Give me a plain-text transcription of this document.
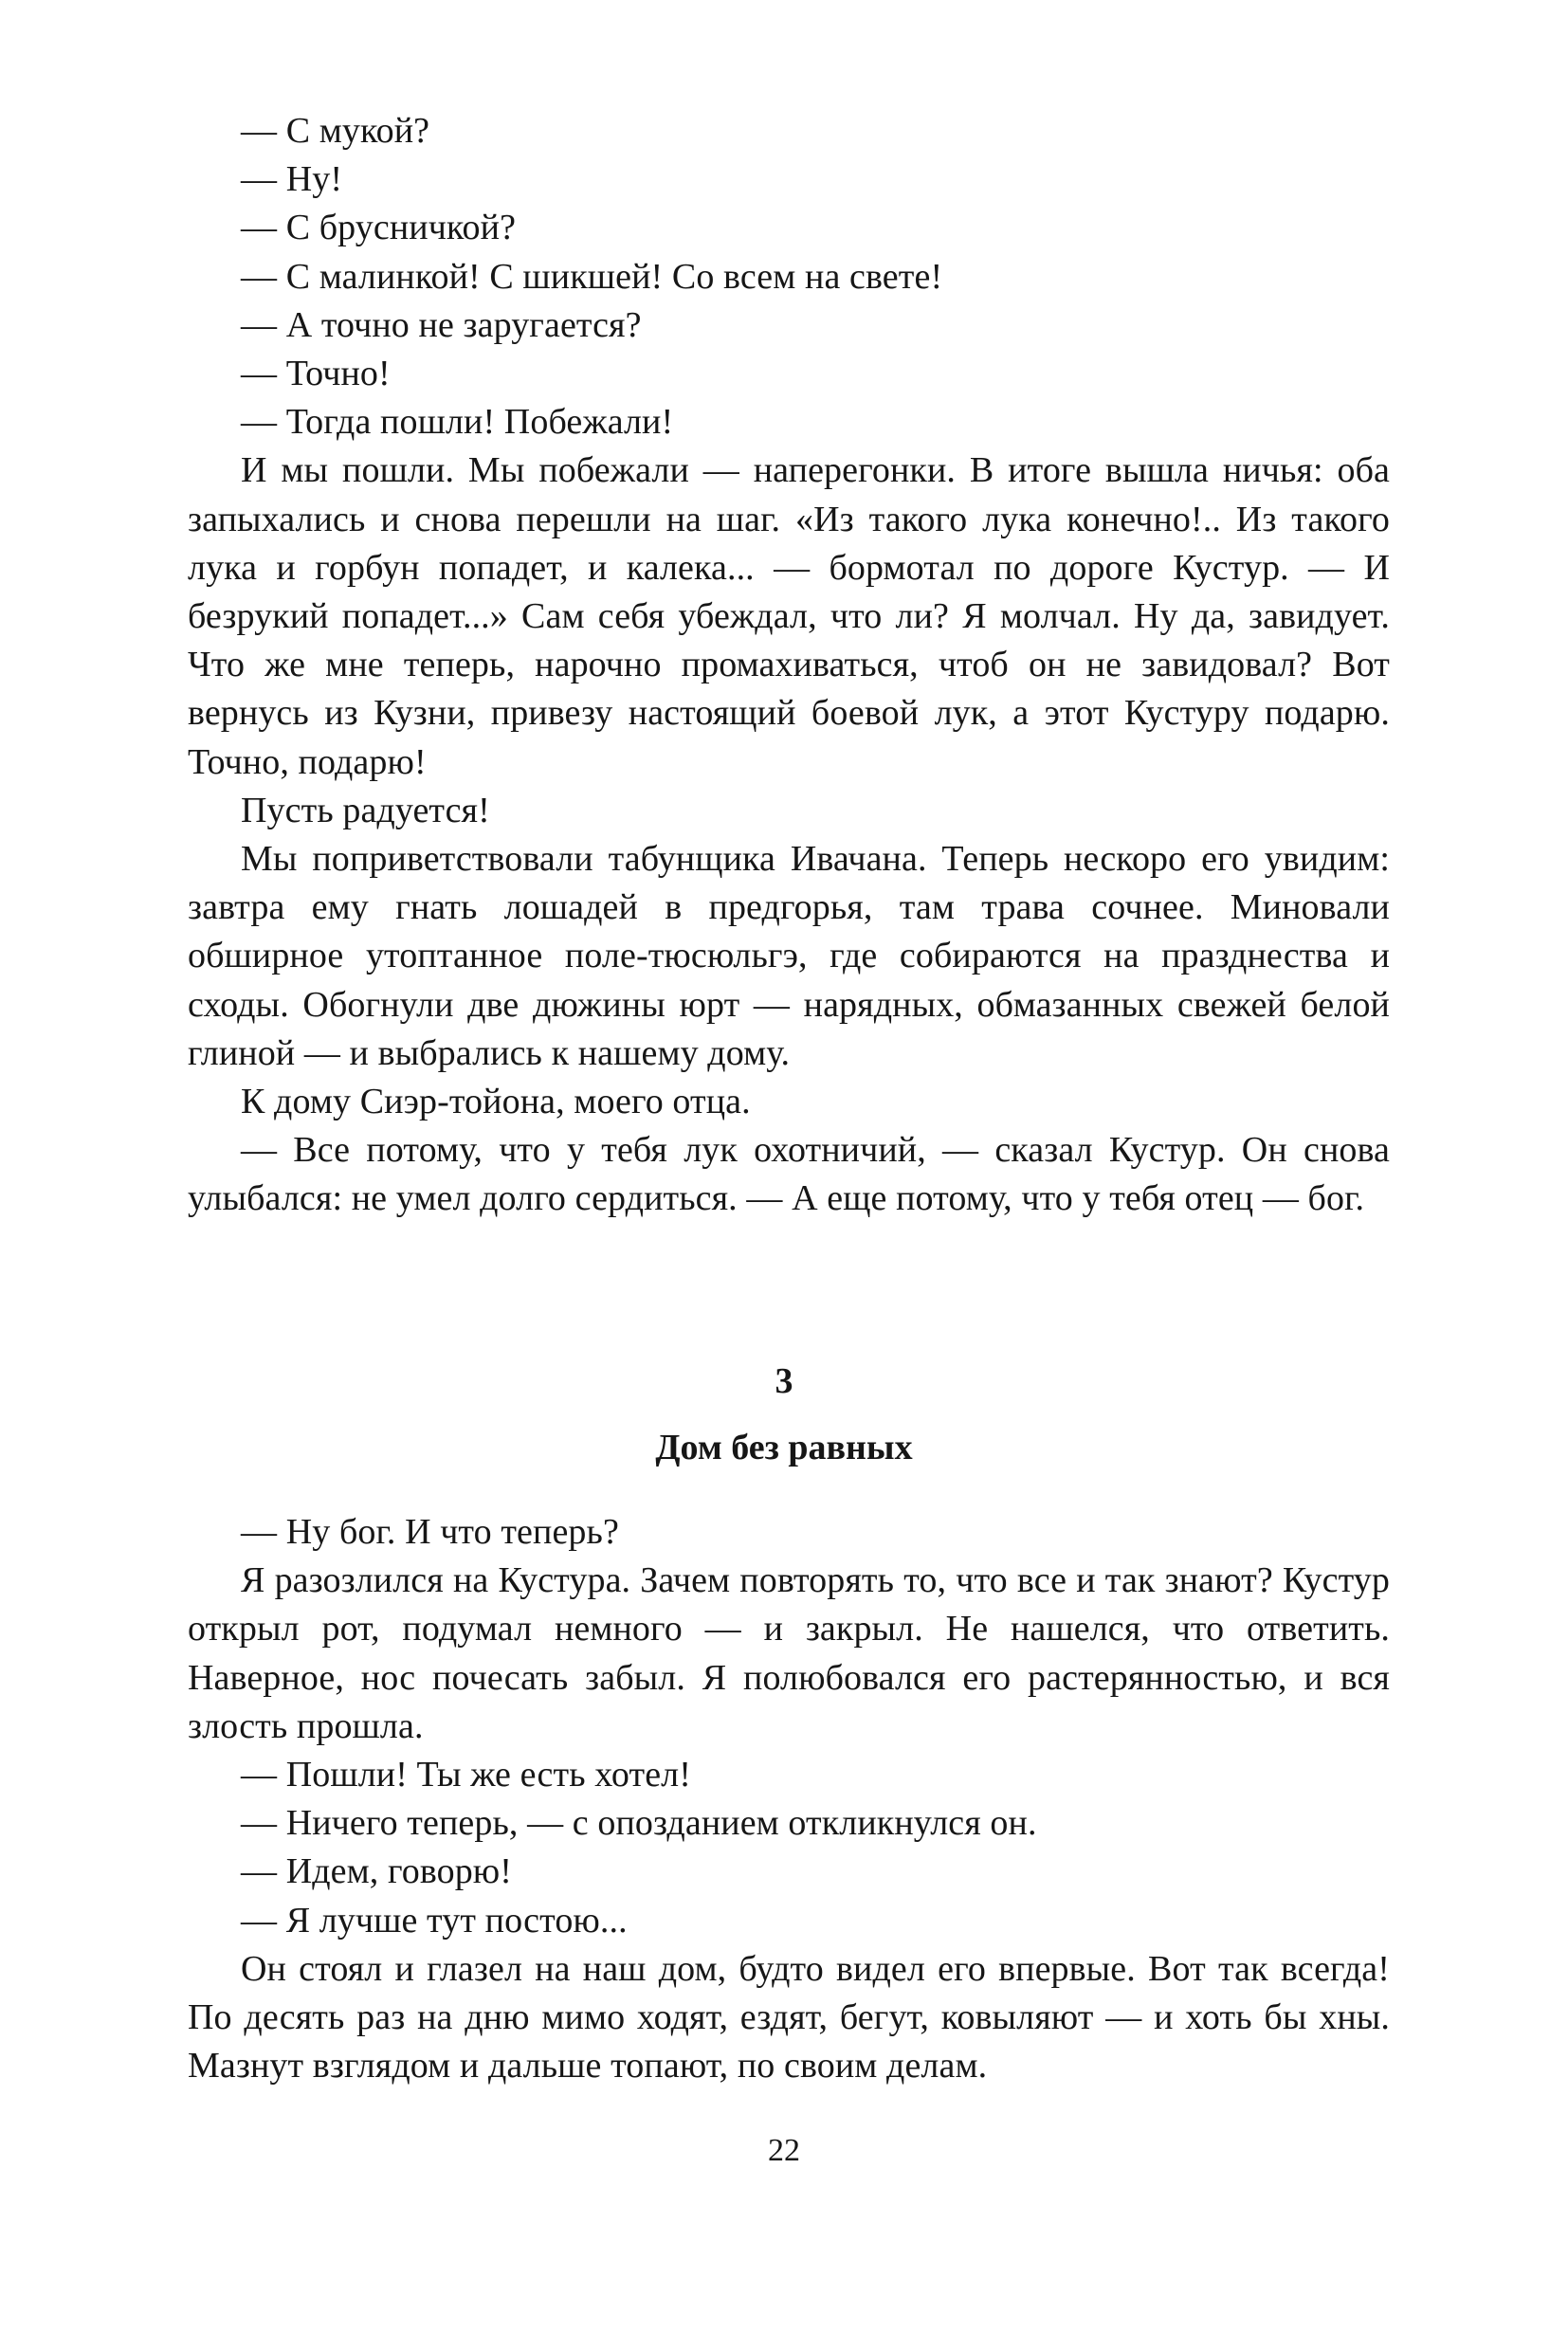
— С мукой?

— Ну!

— С брусничкой?

— С малинкой! С шикшей! Со всем на свете!

— А точно не заругается?

— Точно!

— Тогда пошли! Побежали!

И мы пошли. Мы побежали — наперегонки. В итоге вышла ничья: оба запыхались и снова перешли на шаг. «Из такого лука конечно!.. Из такого лука и горбун попадет, и калека... — бормотал по дороге Кустур. — И безрукий попадет...» Сам себя убеждал, что ли? Я молчал. Ну да, завидует. Что же мне теперь, нарочно промахиваться, чтоб он не завидовал? Вот вернусь из Кузни, привезу настоящий боевой лук, а этот Кустуру подарю. Точно, подарю!

Пусть радуется!

Мы поприветствовали табунщика Ивачана. Теперь нескоро его увидим: завтра ему гнать лошадей в предгорья, там трава сочнее. Миновали обширное утоптанное поле-тюсюльгэ, где собираются на празднества и сходы. Обогнули две дюжины юрт — нарядных, обмазанных свежей белой глиной — и выбрались к нашему дому.

К дому Сиэр-тойона, моего отца.

— Все потому, что у тебя лук охотничий, — сказал Кустур. Он снова улыбался: не умел долго сердиться. — А еще потому, что у тебя отец — бог.

3
Дом без равных

— Ну бог. И что теперь?

Я разозлился на Кустура. Зачем повторять то, что все и так знают? Кустур открыл рот, подумал немного — и закрыл. Не нашелся, что ответить. Наверное, нос почесать забыл. Я полюбовался его растерянностью, и вся злость прошла.

— Пошли! Ты же есть хотел!

— Ничего теперь, — с опозданием откликнулся он.

— Идем, говорю!

— Я лучше тут постою...

Он стоял и глазел на наш дом, будто видел его впервые. Вот так всегда! По десять раз на дню мимо ходят, ездят, бегут, ковыляют — и хоть бы хны. Мазнут взглядом и дальше топают, по своим делам.

22
